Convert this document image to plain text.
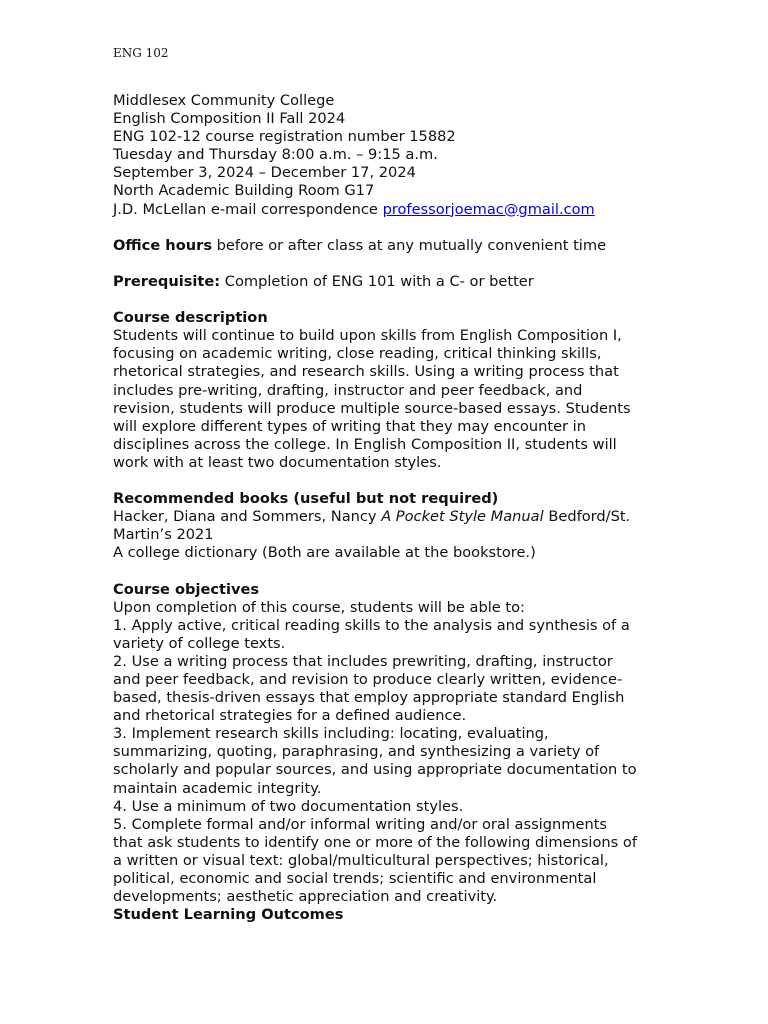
ENG 102
Middlesex Community College
English Composition II Fall 2024
ENG 102-12 course registration number 15882
Tuesday and Thursday 8:00 a.m. – 9:15 a.m.
September 3, 2024 – December 17, 2024
North Academic Building Room G17
J.D. McLellan e-mail correspondence professorjoemac@gmail.com
Office hours before or after class at any mutually convenient time
Prerequisite: Completion of ENG 101 with a C- or better
Course description
Students will continue to build upon skills from English Composition I,
focusing on academic writing, close reading, critical thinking skills,
rhetorical strategies, and research skills. Using a writing process that
includes pre-writing, drafting, instructor and peer feedback, and
revision, students will produce multiple source-based essays. Students
will explore different types of writing that they may encounter in
disciplines across the college. In English Composition II, students will
work with at least two documentation styles.
Recommended books (useful but not required)
Hacker, Diana and Sommers, Nancy A Pocket Style Manual Bedford/St.
Martin’s 2021
A college dictionary (Both are available at the bookstore.)
Course objectives
Upon completion of this course, students will be able to:
1. Apply active, critical reading skills to the analysis and synthesis of a
variety of college texts.
2. Use a writing process that includes prewriting, drafting, instructor
and peer feedback, and revision to produce clearly written, evidence-
based, thesis-driven essays that employ appropriate standard English
and rhetorical strategies for a defined audience.
3. Implement research skills including: locating, evaluating,
summarizing, quoting, paraphrasing, and synthesizing a variety of
scholarly and popular sources, and using appropriate documentation to
maintain academic integrity.
4. Use a minimum of two documentation styles.
5. Complete formal and/or informal writing and/or oral assignments
that ask students to identify one or more of the following dimensions of
a written or visual text: global/multicultural perspectives; historical,
political, economic and social trends; scientific and environmental
developments; aesthetic appreciation and creativity.
Student Learning Outcomes
